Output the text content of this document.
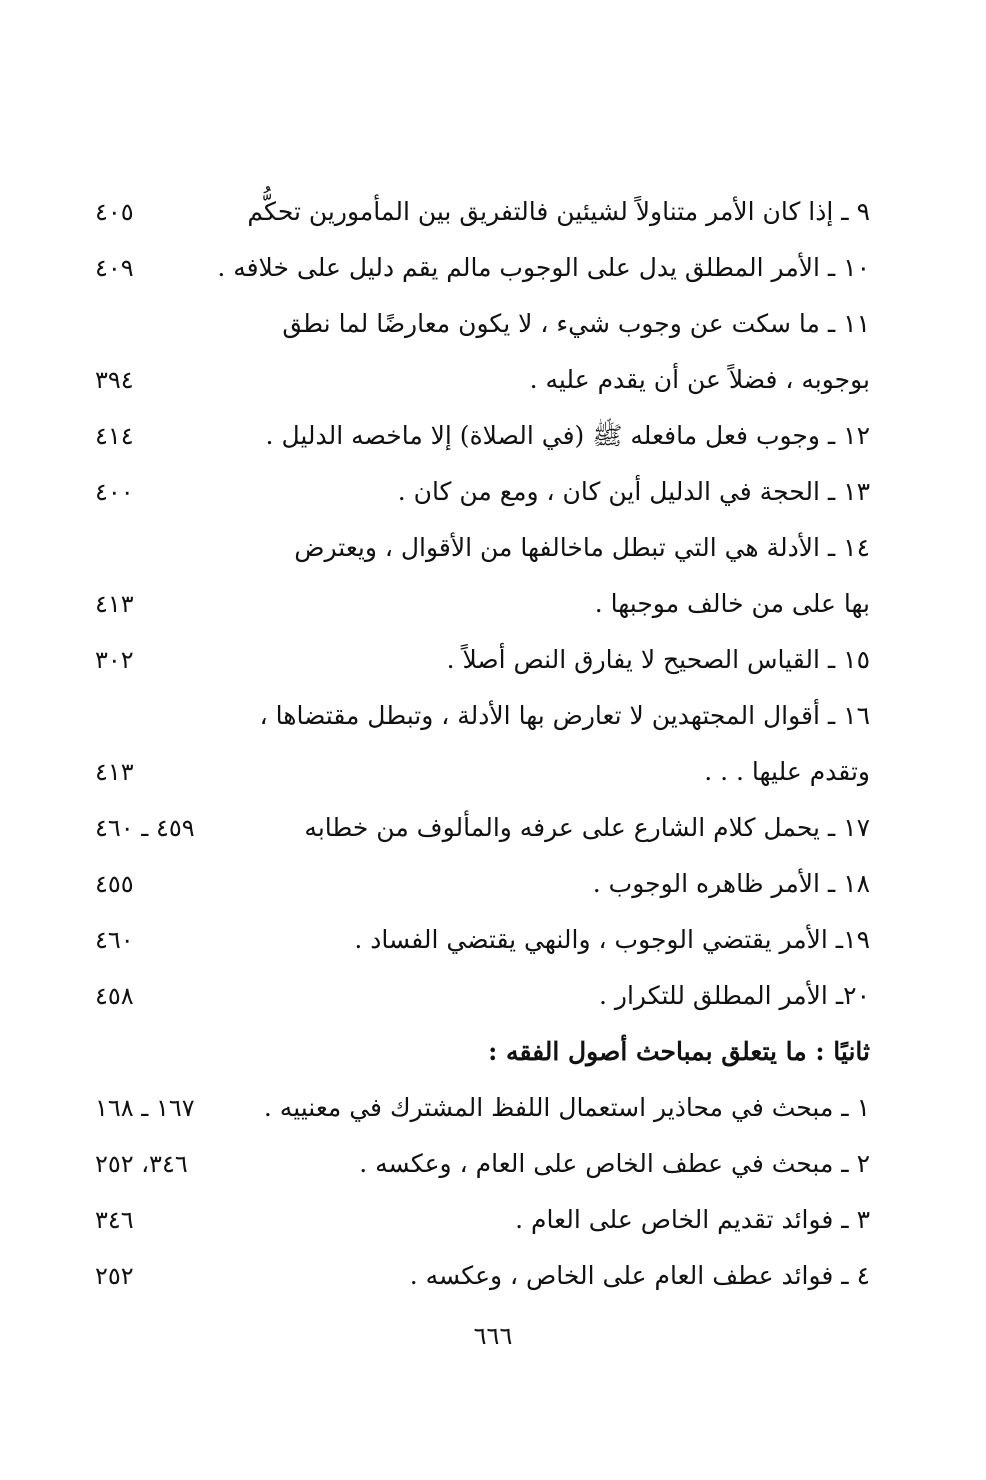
٩ ـ إذا كان الأمر متناولاً لشيئين فالتفريق بين المأمورين تحكُّم
٤٠٥
١٠ ـ الأمر المطلق يدل على الوجوب مالم يقم دليل على خلافه .
٤٠٩
١١ ـ ما سكت عن وجوب شيء ، لا يكون معارضًا لما نطق
بوجوبه ، فضلاً عن أن يقدم عليه .
٣٩٤
١٢ ـ وجوب فعل مافعله ﷺ (في الصلاة) إلا ماخصه الدليل .
٤١٤
١٣ ـ الحجة في الدليل أين كان ، ومع من كان .
٤٠٠
١٤ ـ الأدلة هي التي تبطل ماخالفها من الأقوال ، ويعترض
بها على من خالف موجبها .
٤١٣
١٥ ـ القياس الصحيح لا يفارق النص أصلاً .
٣٠٢
١٦ ـ أقوال المجتهدين لا تعارض بها الأدلة ، وتبطل مقتضاها ،
وتقدم عليها . . .
٤١٣
١٧ ـ يحمل كلام الشارع على عرفه والمألوف من خطابه
٤٥٩ ـ ٤٦٠
١٨ ـ الأمر ظاهره الوجوب .
٤٥٥
١٩ـ الأمر يقتضي الوجوب ، والنهي يقتضي الفساد .
٤٦٠
٢٠ـ الأمر المطلق للتكرار .
٤٥٨
ثانيًا : ما يتعلق بمباحث أصول الفقه :
١ ـ مبحث في محاذير استعمال اللفظ المشترك في معنييه .
١٦٧ ـ ١٦٨
٢ ـ مبحث في عطف الخاص على العام ، وعكسه .
٣٤٦، ٢٥٢
٣ ـ فوائد تقديم الخاص على العام .
٣٤٦
٤ ـ فوائد عطف العام على الخاص ، وعكسه .
٢٥٢
٦٦٦
